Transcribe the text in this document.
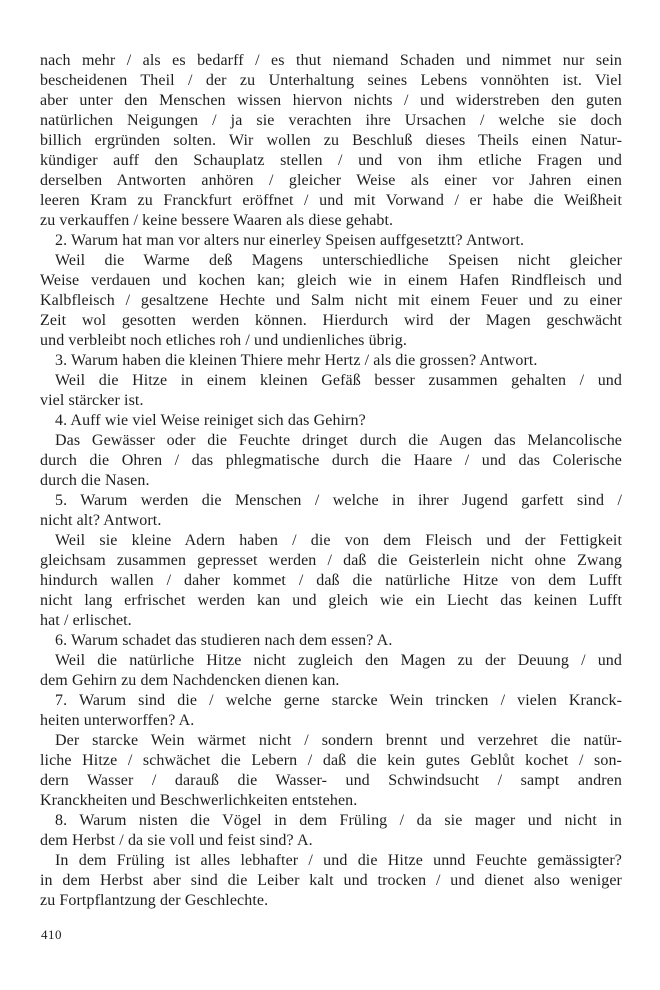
nach mehr / als es bedarff / es thut niemand Schaden und nimmet nur sein
bescheidenen Theil / der zu Unterhaltung seines Lebens vonnöhten ist. Viel
aber unter den Menschen wissen hiervon nichts / und widerstreben den guten
natürlichen Neigungen / ja sie verachten ihre Ursachen / welche sie doch
billich ergründen solten. Wir wollen zu Beschluß dieses Theils einen Natur-
kündiger auff den Schauplatz stellen / und von ihm etliche Fragen und
derselben Antworten anhören / gleicher Weise als einer vor Jahren einen
leeren Kram zu Franckfurt eröffnet / und mit Vorwand / er habe die Weißheit
zu verkauffen / keine bessere Waaren als diese gehabt.
2. Warum hat man vor alters nur einerley Speisen auffgesetztt? Antwort.
Weil die Warme deß Magens unterschiedliche Speisen nicht gleicher
Weise verdauen und kochen kan; gleich wie in einem Hafen Rindfleisch und
Kalbfleisch / gesaltzene Hechte und Salm nicht mit einem Feuer und zu einer
Zeit wol gesotten werden können. Hierdurch wird der Magen geschwächt
und verbleibt noch etliches roh / und undienliches übrig.
3. Warum haben die kleinen Thiere mehr Hertz / als die grossen? Antwort.
Weil die Hitze in einem kleinen Gefäß besser zusammen gehalten / und
viel stärcker ist.
4. Auff wie viel Weise reiniget sich das Gehirn?
Das Gewässer oder die Feuchte dringet durch die Augen das Melancolische
durch die Ohren / das phlegmatische durch die Haare / und das Colerische
durch die Nasen.
5. Warum werden die Menschen / welche in ihrer Jugend garfett sind /
nicht alt? Antwort.
Weil sie kleine Adern haben / die von dem Fleisch und der Fettigkeit
gleichsam zusammen gepresset werden / daß die Geisterlein nicht ohne Zwang
hindurch wallen / daher kommet / daß die natürliche Hitze von dem Lufft
nicht lang erfrischet werden kan und gleich wie ein Liecht das keinen Lufft
hat / erlischet.
6. Warum schadet das studieren nach dem essen? A.
Weil die natürliche Hitze nicht zugleich den Magen zu der Deuung / und
dem Gehirn zu dem Nachdencken dienen kan.
7. Warum sind die / welche gerne starcke Wein trincken / vielen Kranck-
heiten unterworffen? A.
Der starcke Wein wärmet nicht / sondern brennt und verzehret die natür-
liche Hitze / schwächet die Lebern / daß die kein gutes Geblůt kochet / son-
dern Wasser / darauß die Wasser- und Schwindsucht / sampt andren
Kranckheiten und Beschwerlichkeiten entstehen.
8. Warum nisten die Vögel in dem Früling / da sie mager und nicht in
dem Herbst / da sie voll und feist sind? A.
In dem Früling ist alles lebhafter / und die Hitze unnd Feuchte gemässigter?
in dem Herbst aber sind die Leiber kalt und trocken / und dienet also weniger
zu Fortpflantzung der Geschlechte.
410
